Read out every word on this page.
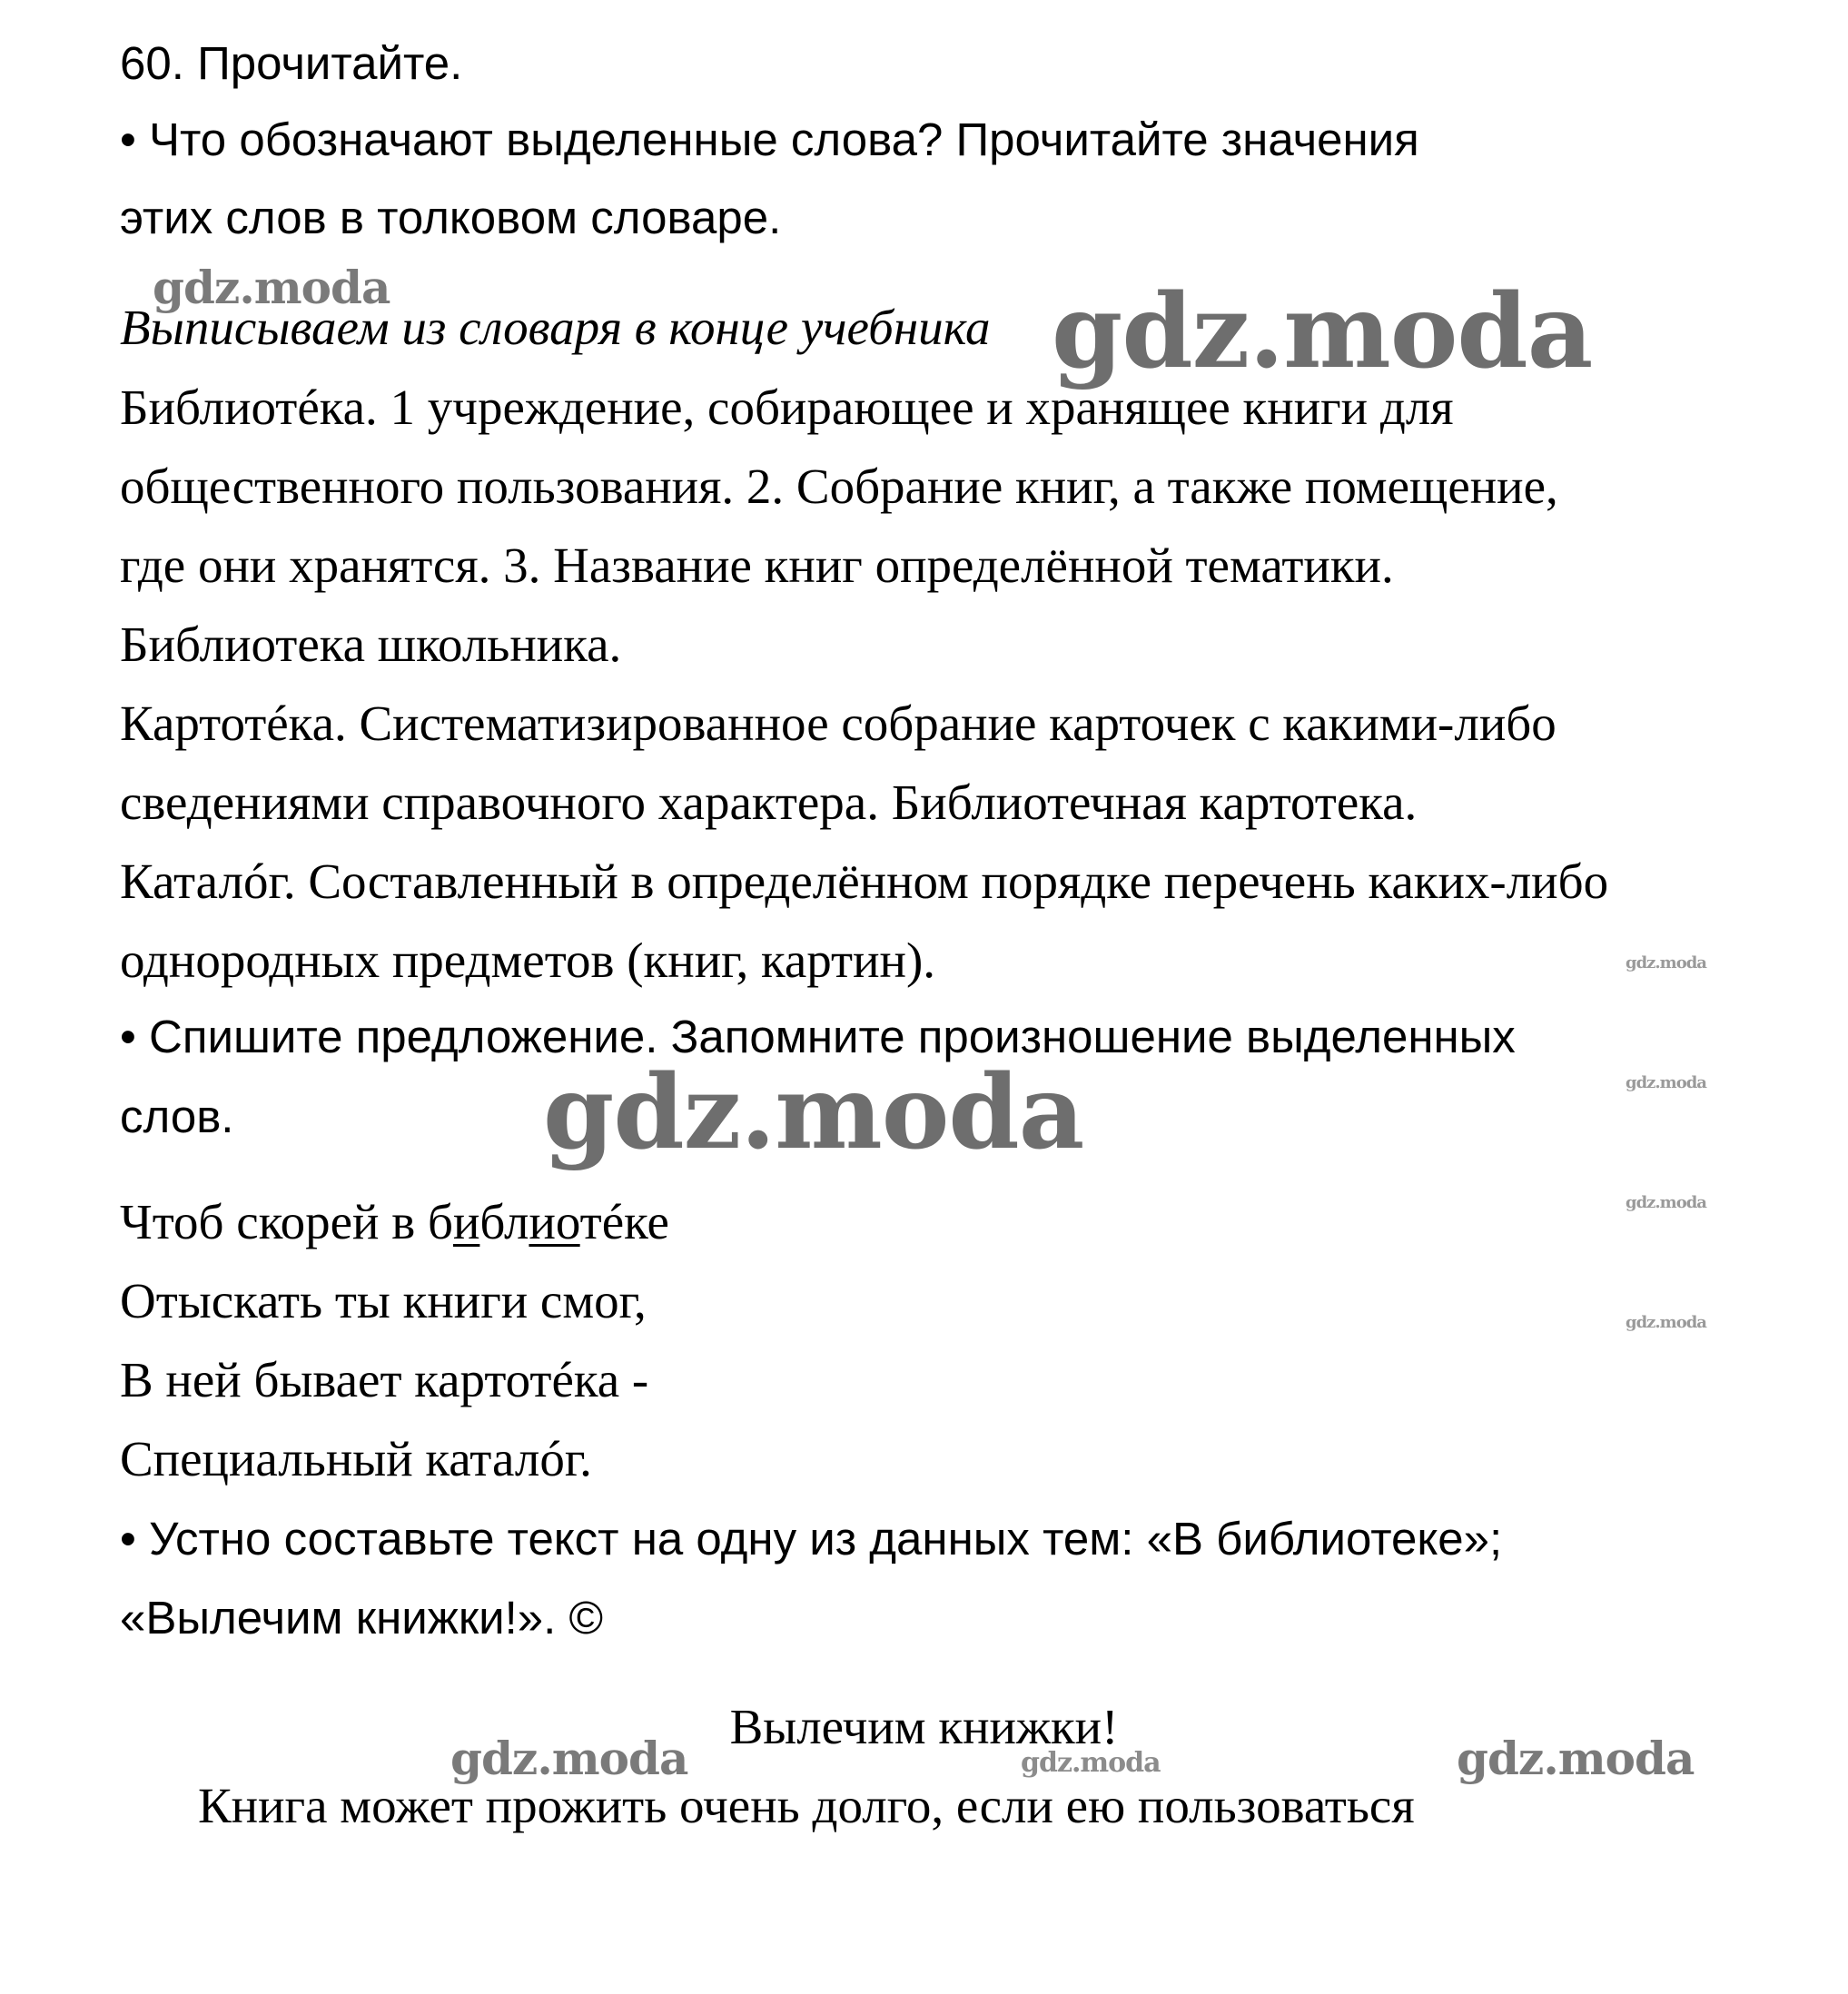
60. Прочитайте.
• Что обозначают выделенные слова? Прочитайте значения
этих слов в толковом словаре.
gdz.moda
Выписываем из словаря в конце учебника gdz.moda
Библиотéка. 1 учреждение, собирающее и хранящее книги для
общественного пользования. 2. Собрание книг, а также помещение,
где они хранятся. 3. Название книг определённой тематики.
Библиотека школьника.
Картотéка. Систематизированное собрание карточек с какими-либо
сведениями справочного характера. Библиотечная картотека.
Каталóг. Составленный в определённом порядке перечень каких-либо
однородных предметов (книг, картин).	gdz.moda
• Спишите предложение. Запомните произношение выделенных
gdz.moda
слов.	gdz.moda
gdz.moda
Чтоб скорей в библиотéке
Отыскать ты книги смог,	gdz.moda
В ней бывает картотéка -
Специальный каталóг.
• Устно составьте текст на одну из данных тем: «В библиотеке»;
«Вылечим книжки!». ©
Вылечим книжки!
gdz.moda	gdz.moda	gdz.moda
Книга может прожить очень долго, если ею пользоваться
